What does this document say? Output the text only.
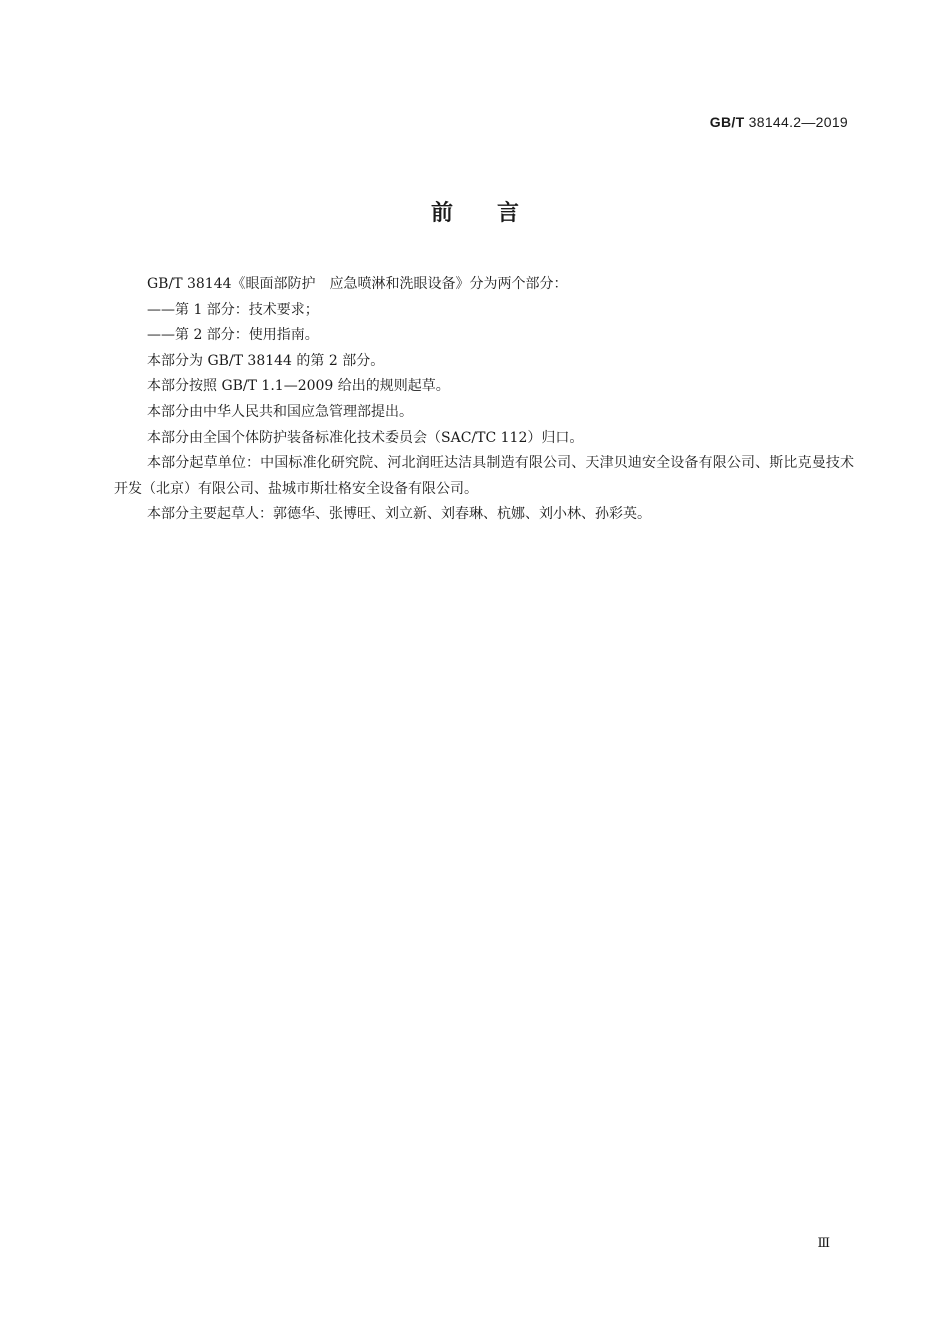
GB/T 38144.2—2019
前　　言

GB/T 38144《眼面部防护　应急喷淋和洗眼设备》分为两个部分：

——第 1 部分：技术要求；

——第 2 部分：使用指南。

本部分为 GB/T 38144 的第 2 部分。

本部分按照 GB/T 1.1—2009 给出的规则起草。

本部分由中华人民共和国应急管理部提出。

本部分由全国个体防护装备标准化技术委员会（SAC/TC 112）归口。

本部分起草单位：中国标准化研究院、河北润旺达洁具制造有限公司、天津贝迪安全设备有限公司、斯比克曼技术开发（北京）有限公司、盐城市斯壮格安全设备有限公司。

本部分主要起草人：郭德华、张博旺、刘立新、刘春琳、杭娜、刘小林、孙彩英。

Ⅲ
